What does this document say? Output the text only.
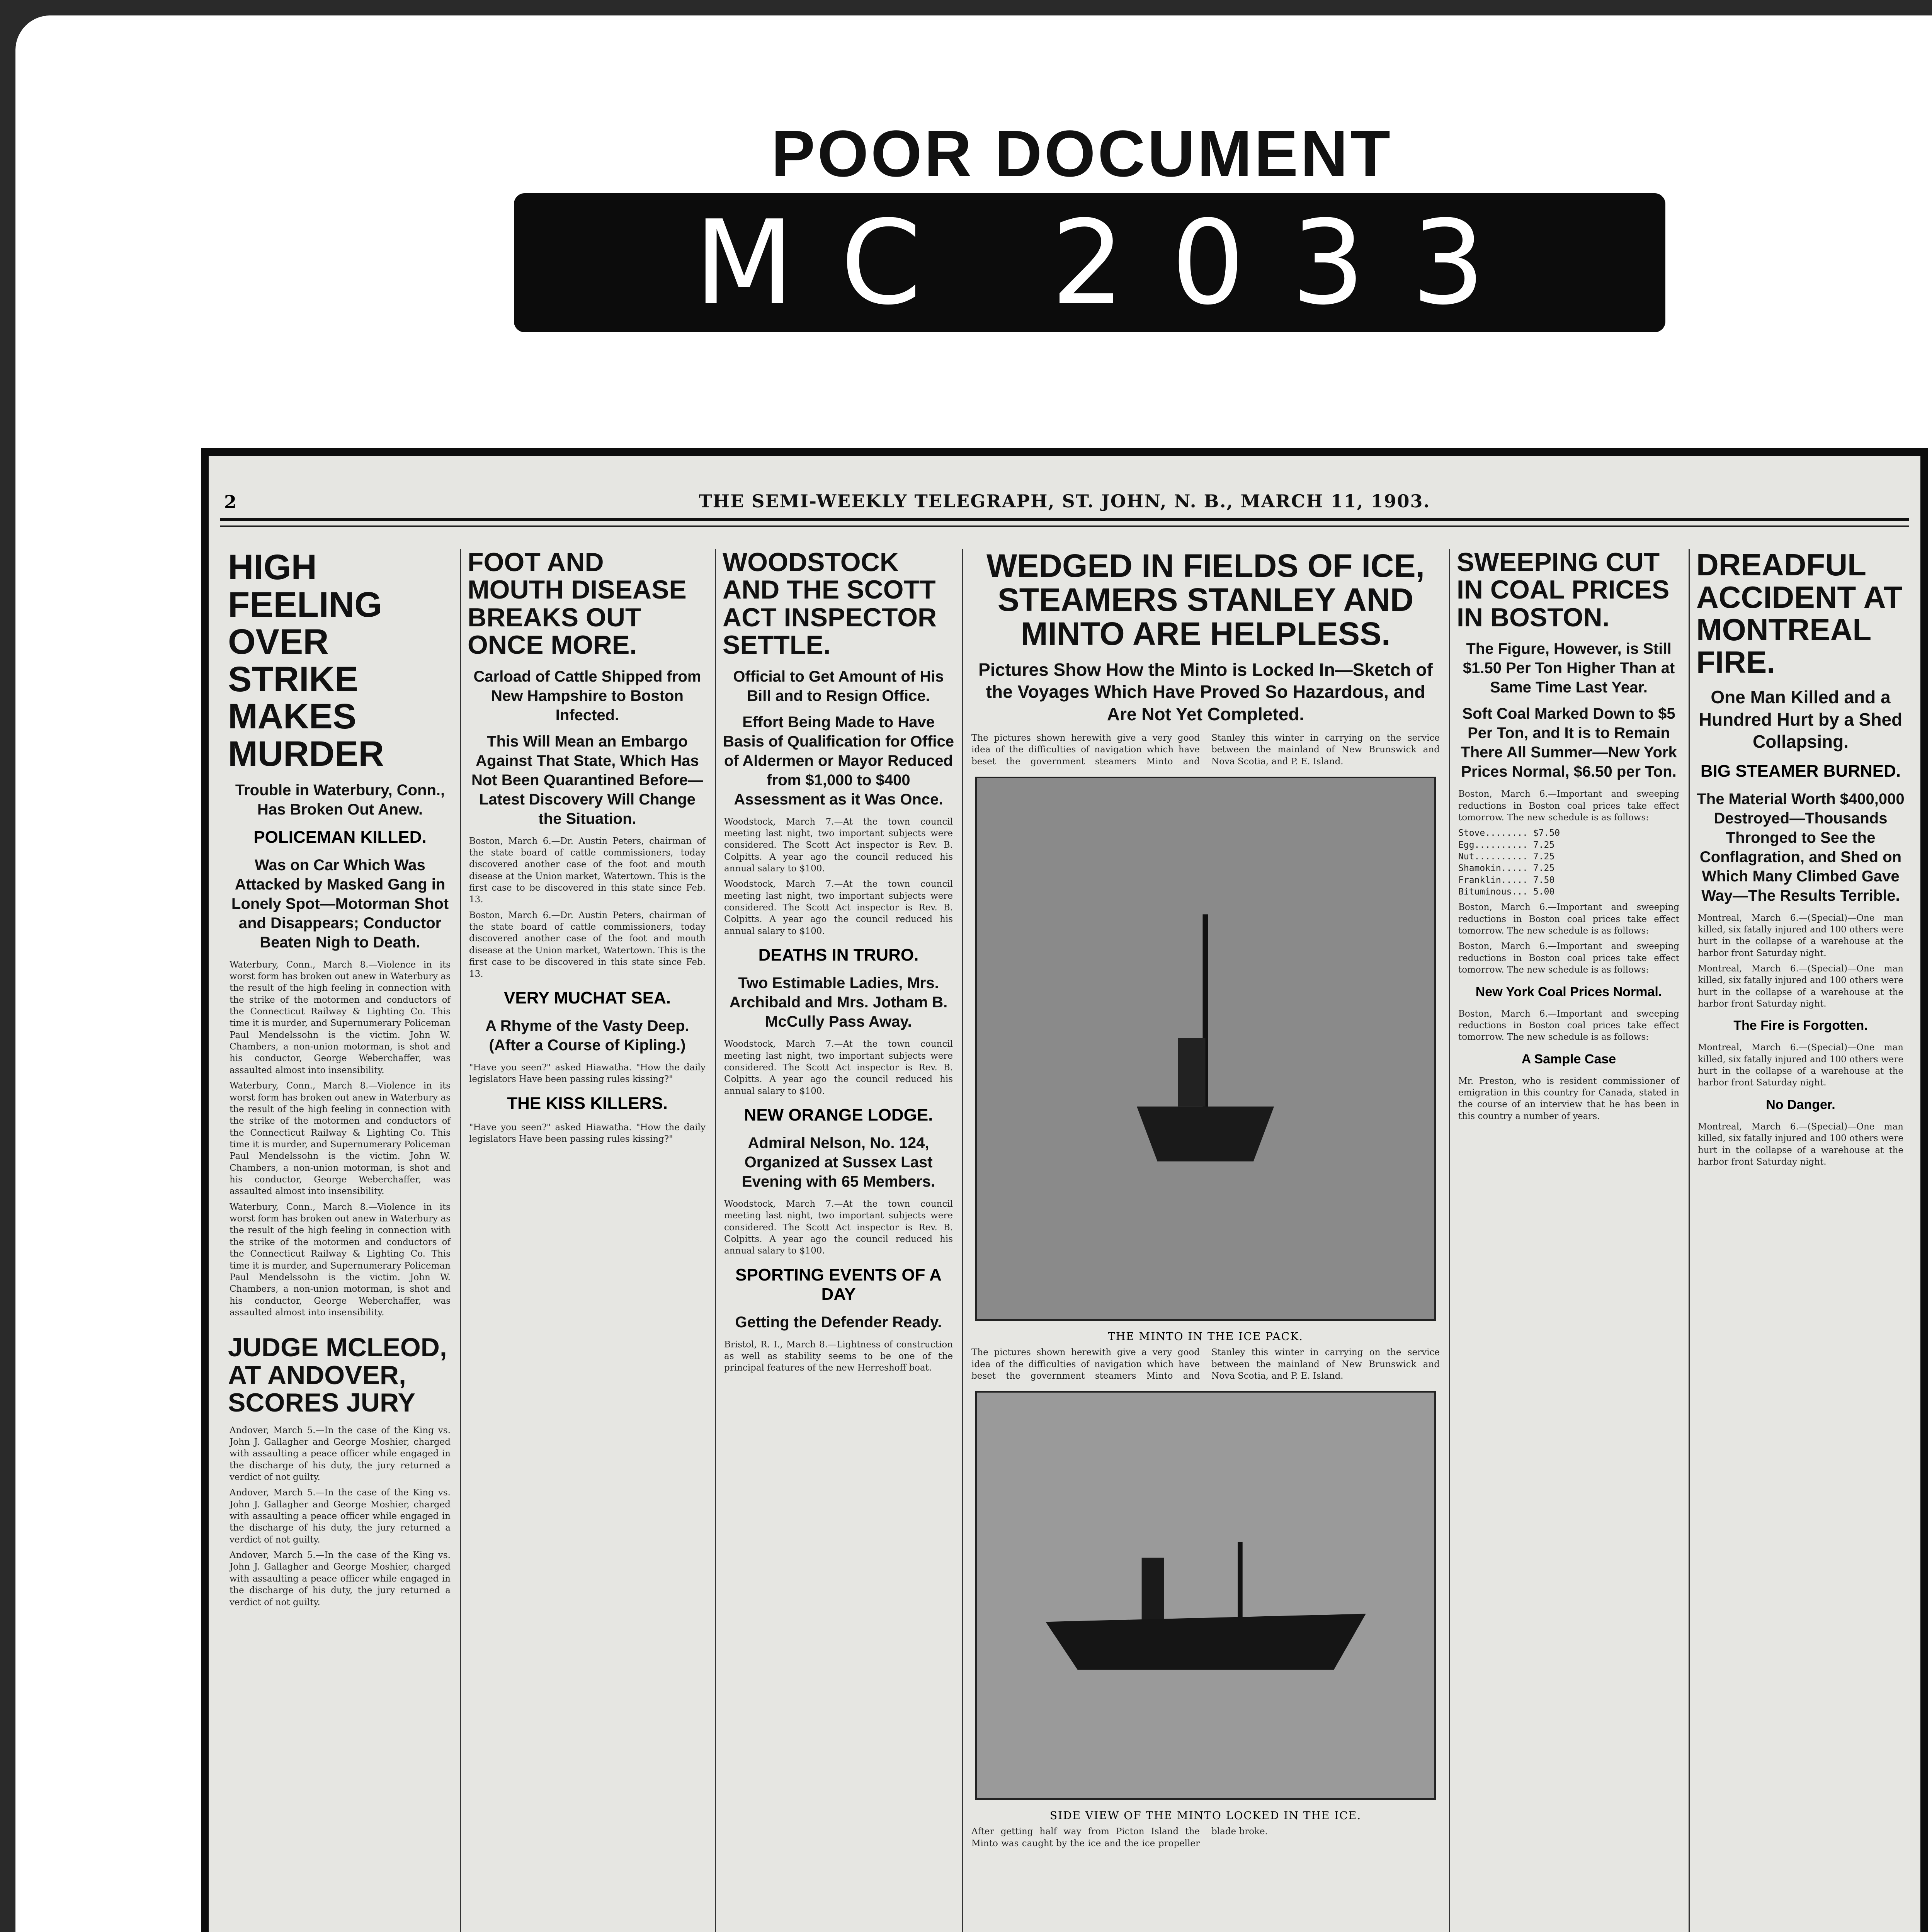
POOR DOCUMENT
MC 2033
2	THE SEMI-WEEKLY TELEGRAPH, ST. JOHN, N. B., MARCH 11, 1903.
HIGH FEELING OVER STRIKE MAKES MURDER
Trouble in Waterbury, Conn., Has Broken Out Anew.
POLICEMAN KILLED.
Was on Car Which Was Attacked by Masked Gang in Lonely Spot—Motorman Shot and Disappears; Conductor Beaten Nigh to Death.
Waterbury, Conn., March 8.—Violence in its worst form has broken out anew in Waterbury as the result of the high feeling in connection with the strike of the motormen and conductors of the Connecticut Railway & Lighting Co. This time it is murder, and Supernumerary Policeman Paul Mendelssohn is the victim. John W. Chambers, a non-union motorman, is shot and his conductor, George Weberchaffer, was assaulted almost into insensibility.
Waterbury, Conn., March 8.—Violence in its worst form has broken out anew in Waterbury as the result of the high feeling in connection with the strike of the motormen and conductors of the Connecticut Railway & Lighting Co. This time it is murder, and Supernumerary Policeman Paul Mendelssohn is the victim. John W. Chambers, a non-union motorman, is shot and his conductor, George Weberchaffer, was assaulted almost into insensibility.
Waterbury, Conn., March 8.—Violence in its worst form has broken out anew in Waterbury as the result of the high feeling in connection with the strike of the motormen and conductors of the Connecticut Railway & Lighting Co. This time it is murder, and Supernumerary Policeman Paul Mendelssohn is the victim. John W. Chambers, a non-union motorman, is shot and his conductor, George Weberchaffer, was assaulted almost into insensibility.
JUDGE MCLEOD, AT ANDOVER, SCORES JURY
Andover, March 5.—In the case of the King vs. John J. Gallagher and George Moshier, charged with assaulting a peace officer while engaged in the discharge of his duty, the jury returned a verdict of not guilty.
Andover, March 5.—In the case of the King vs. John J. Gallagher and George Moshier, charged with assaulting a peace officer while engaged in the discharge of his duty, the jury returned a verdict of not guilty.
Andover, March 5.—In the case of the King vs. John J. Gallagher and George Moshier, charged with assaulting a peace officer while engaged in the discharge of his duty, the jury returned a verdict of not guilty.
FOOT AND MOUTH DISEASE BREAKS OUT ONCE MORE.
Carload of Cattle Shipped from New Hampshire to Boston Infected.
This Will Mean an Embargo Against That State, Which Has Not Been Quarantined Before—Latest Discovery Will Change the Situation.
Boston, March 6.—Dr. Austin Peters, chairman of the state board of cattle commissioners, today discovered another case of the foot and mouth disease at the Union market, Watertown. This is the first case to be discovered in this state since Feb. 13.
Boston, March 6.—Dr. Austin Peters, chairman of the state board of cattle commissioners, today discovered another case of the foot and mouth disease at the Union market, Watertown. This is the first case to be discovered in this state since Feb. 13.
VERY MUCHAT SEA.
A Rhyme of the Vasty Deep. (After a Course of Kipling.)
"Have you seen?" asked Hiawatha. "How the daily legislators Have been passing rules kissing?"
THE KISS KILLERS.
"Have you seen?" asked Hiawatha. "How the daily legislators Have been passing rules kissing?"
WOODSTOCK AND THE SCOTT ACT INSPECTOR SETTLE.
Official to Get Amount of His Bill and to Resign Office.
Effort Being Made to Have Basis of Qualification for Office of Aldermen or Mayor Reduced from $1,000 to $400 Assessment as it Was Once.
Woodstock, March 7.—At the town council meeting last night, two important subjects were considered. The Scott Act inspector is Rev. B. Colpitts. A year ago the council reduced his annual salary to $100.
Woodstock, March 7.—At the town council meeting last night, two important subjects were considered. The Scott Act inspector is Rev. B. Colpitts. A year ago the council reduced his annual salary to $100.
DEATHS IN TRURO.
Two Estimable Ladies, Mrs. Archibald and Mrs. Jotham B. McCully Pass Away.
Woodstock, March 7.—At the town council meeting last night, two important subjects were considered. The Scott Act inspector is Rev. B. Colpitts. A year ago the council reduced his annual salary to $100.
NEW ORANGE LODGE.
Admiral Nelson, No. 124, Organized at Sussex Last Evening with 65 Members.
Woodstock, March 7.—At the town council meeting last night, two important subjects were considered. The Scott Act inspector is Rev. B. Colpitts. A year ago the council reduced his annual salary to $100.
SPORTING EVENTS OF A DAY
Getting the Defender Ready.
Bristol, R. I., March 8.—Lightness of construction as well as stability seems to be one of the principal features of the new Herreshoff boat.
WEDGED IN FIELDS OF ICE, STEAMERS STANLEY AND MINTO ARE HELPLESS.
Pictures Show How the Minto is Locked In—Sketch of the Voyages Which Have Proved So Hazardous, and Are Not Yet Completed.
The pictures shown herewith give a very good idea of the difficulties of navigation which have beset the government steamers Minto and Stanley this winter in carrying on the service between the mainland of New Brunswick and Nova Scotia, and P. E. Island.
THE MINTO IN THE ICE PACK.
The pictures shown herewith give a very good idea of the difficulties of navigation which have beset the government steamers Minto and Stanley this winter in carrying on the service between the mainland of New Brunswick and Nova Scotia, and P. E. Island.
SIDE VIEW OF THE MINTO LOCKED IN THE ICE.
After getting half way from Picton Island the Minto was caught by the ice and the ice propeller blade broke.
SWEEPING CUT IN COAL PRICES IN BOSTON.
The Figure, However, is Still $1.50 Per Ton Higher Than at Same Time Last Year.
Soft Coal Marked Down to $5 Per Ton, and It is to Remain There All Summer—New York Prices Normal, $6.50 per Ton.
Boston, March 6.—Important and sweeping reductions in Boston coal prices take effect tomorrow. The new schedule is as follows:
Stove........ $7.50
Egg.......... 7.25
Nut.......... 7.25
Shamokin..... 7.25
Franklin..... 7.50
Bituminous... 5.00
Boston, March 6.—Important and sweeping reductions in Boston coal prices take effect tomorrow. The new schedule is as follows:
Boston, March 6.—Important and sweeping reductions in Boston coal prices take effect tomorrow. The new schedule is as follows:
New York Coal Prices Normal.
Boston, March 6.—Important and sweeping reductions in Boston coal prices take effect tomorrow. The new schedule is as follows:
A Sample Case
Mr. Preston, who is resident commissioner of emigration in this country for Canada, stated in the course of an interview that he has been in this country a number of years.
DREADFUL ACCIDENT AT MONTREAL FIRE.
One Man Killed and a Hundred Hurt by a Shed Collapsing.
BIG STEAMER BURNED.
The Material Worth $400,000 Destroyed—Thousands Thronged to See the Conflagration, and Shed on Which Many Climbed Gave Way—The Results Terrible.
Montreal, March 6.—(Special)—One man killed, six fatally injured and 100 others were hurt in the collapse of a warehouse at the harbor front Saturday night.
Montreal, March 6.—(Special)—One man killed, six fatally injured and 100 others were hurt in the collapse of a warehouse at the harbor front Saturday night.
The Fire is Forgotten.
Montreal, March 6.—(Special)—One man killed, six fatally injured and 100 others were hurt in the collapse of a warehouse at the harbor front Saturday night.
No Danger.
Montreal, March 6.—(Special)—One man killed, six fatally injured and 100 others were hurt in the collapse of a warehouse at the harbor front Saturday night.
